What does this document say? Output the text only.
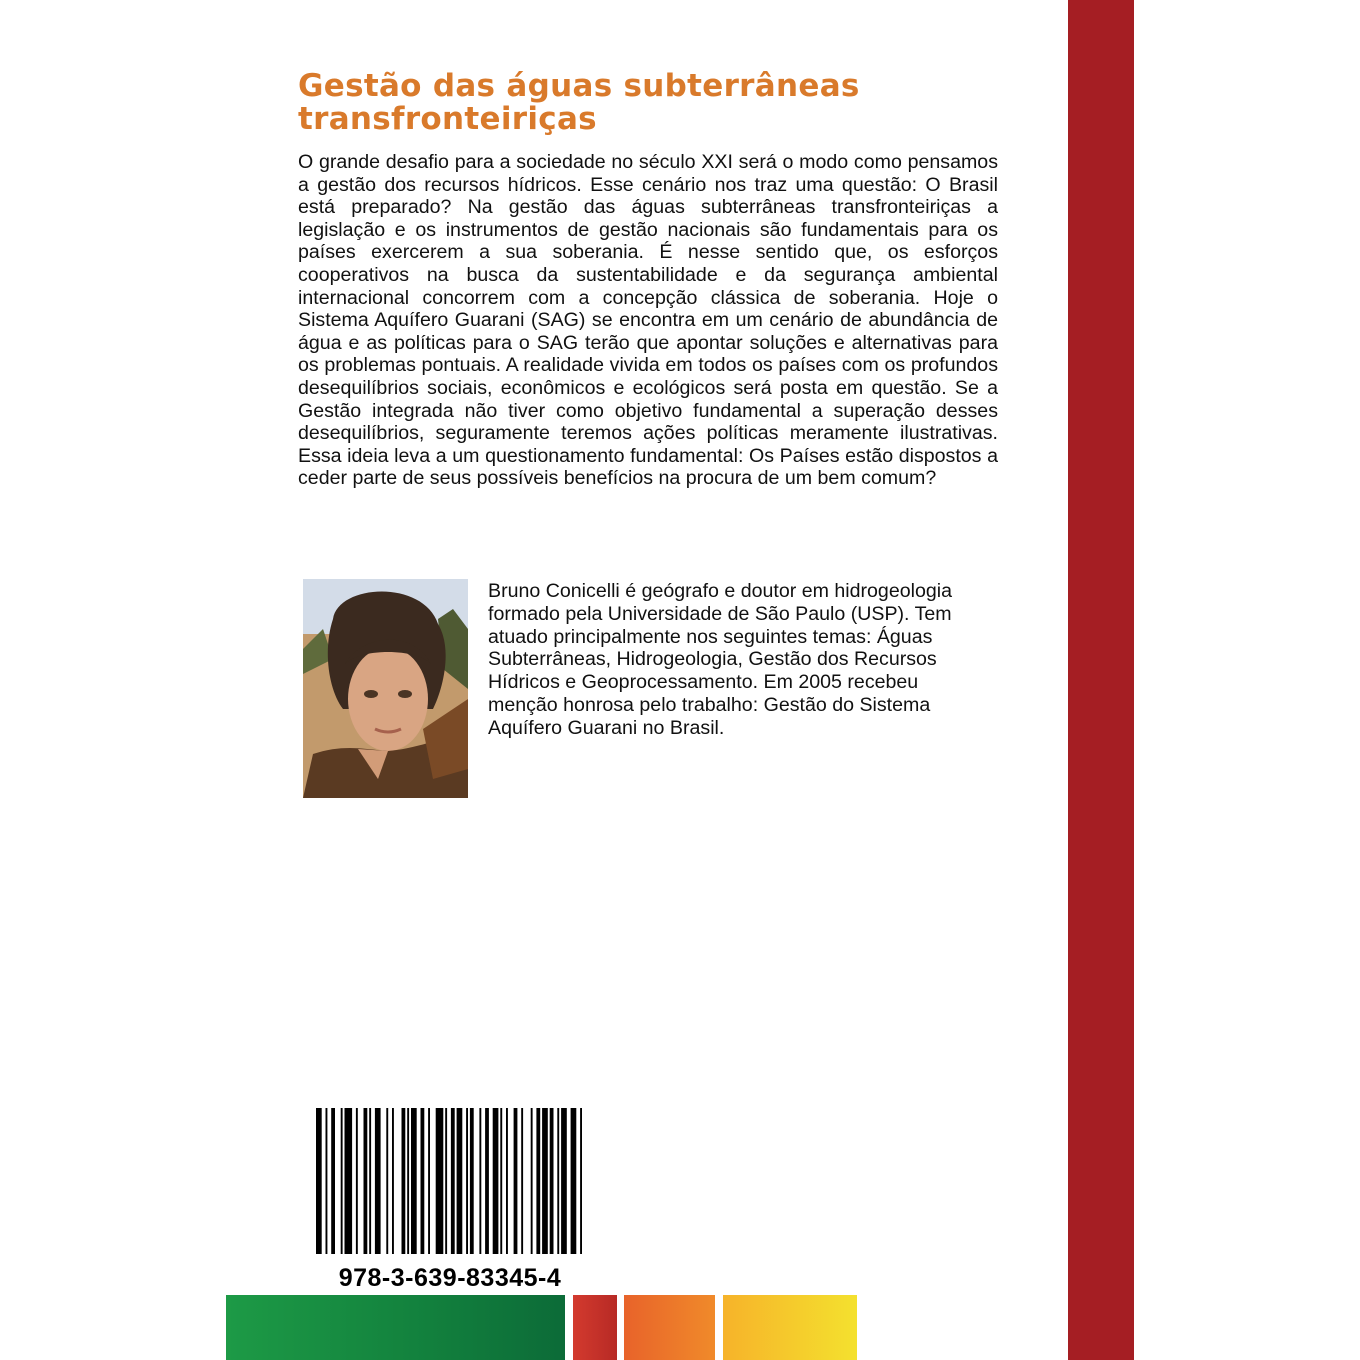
Gestão das águas subterrâneas transfronteiriças

O grande desafio para a sociedade no século XXI será o modo como pensamos a gestão dos recursos hídricos. Esse cenário nos traz uma questão: O Brasil está preparado? Na gestão das águas subterrâneas transfronteiriças a legislação e os instrumentos de gestão nacionais são fundamentais para os países exercerem a sua soberania. É nesse sentido que, os esforços cooperativos na busca da sustentabilidade e da segurança ambiental internacional concorrem com a concepção clássica de soberania. Hoje o Sistema Aquífero Guarani (SAG) se encontra em um cenário de abundância de água e as políticas para o SAG terão que apontar soluções e alternativas para os problemas pontuais. A realidade vivida em todos os países com os profundos desequilíbrios sociais, econômicos e ecológicos será posta em questão. Se a Gestão integrada não tiver como objetivo fundamental a superação desses desequilíbrios, seguramente teremos ações políticas meramente ilustrativas. Essa ideia leva a um questionamento fundamental: Os Países estão dispostos a ceder parte de seus possíveis benefícios na procura de um bem comum?

Bruno Conicelli é geógrafo e doutor em hidrogeologia formado pela Universidade de São Paulo (USP). Tem atuado principalmente nos seguintes temas: Águas Subterrâneas, Hidrogeologia, Gestão dos Recursos Hídricos e Geoprocessamento. Em 2005 recebeu menção honrosa pelo trabalho: Gestão do Sistema Aquífero Guarani no Brasil.

978-3-639-83345-4
